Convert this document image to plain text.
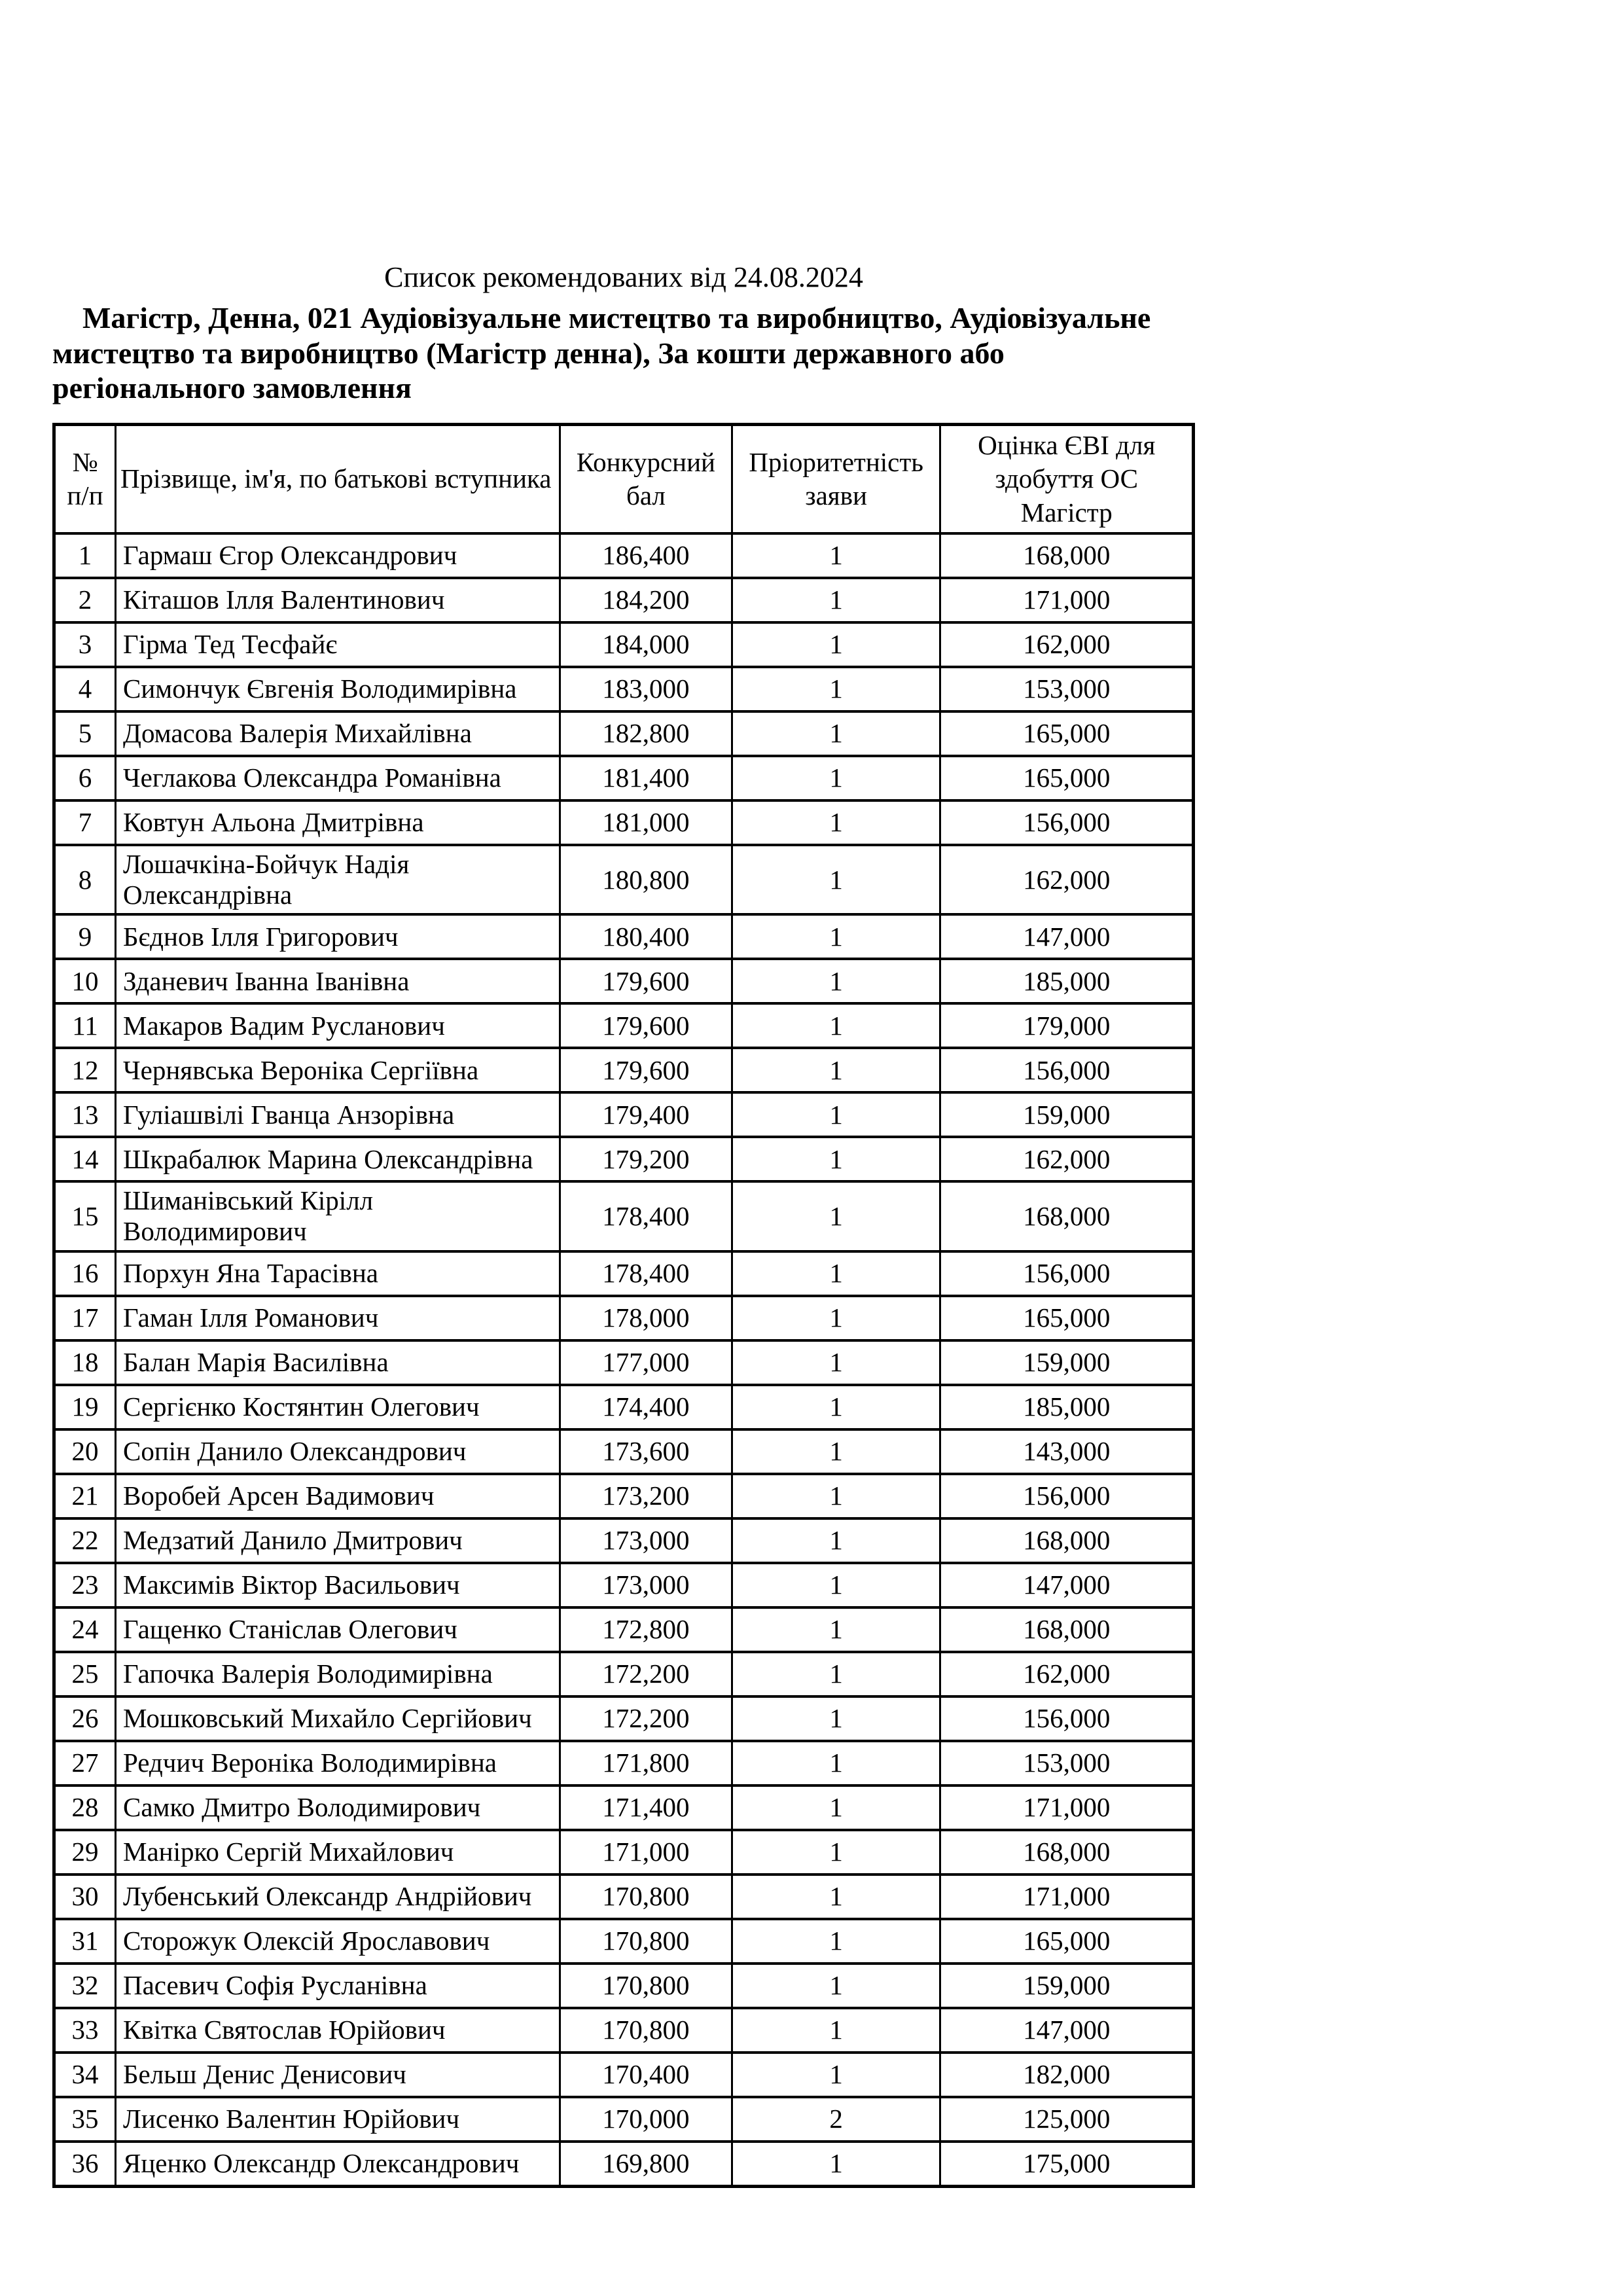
Список рекомендованих від 24.08.2024

Магістр, Денна, 021 Аудіовізуальне мистецтво та виробництво, Аудіовізуальне мистецтво та виробництво (Магістр денна), За кошти державного або регіонального замовлення

№ п/п	Прізвище, ім'я, по батькові вступника	Конкурсний бал	Пріоритетність заяви	Оцінка ЄВІ для здобуття ОС Магістр
1	Гармаш Єгор Олександрович	186,400	1	168,000
2	Кіташов Ілля Валентинович	184,200	1	171,000
3	Гірма Тед Тесфайє	184,000	1	162,000
4	Симончук Євгенія Володимирівна	183,000	1	153,000
5	Домасова Валерія Михайлівна	182,800	1	165,000
6	Чеглакова Олександра Романівна	181,400	1	165,000
7	Ковтун Альона Дмитрівна	181,000	1	156,000
8	Лошачкіна-Бойчук Надія Олександрівна	180,800	1	162,000
9	Бєднов Ілля Григорович	180,400	1	147,000
10	Зданевич Іванна Іванівна	179,600	1	185,000
11	Макаров Вадим Русланович	179,600	1	179,000
12	Чернявська Вероніка Сергіївна	179,600	1	156,000
13	Гуліашвілі Гванца Анзорівна	179,400	1	159,000
14	Шкрабалюк Марина Олександрівна	179,200	1	162,000
15	Шиманівський Кірілл Володимирович	178,400	1	168,000
16	Порхун Яна Тарасівна	178,400	1	156,000
17	Гаман Ілля Романович	178,000	1	165,000
18	Балан Марія Василівна	177,000	1	159,000
19	Сергієнко Костянтин Олегович	174,400	1	185,000
20	Сопін Данило Олександрович	173,600	1	143,000
21	Воробей Арсен Вадимович	173,200	1	156,000
22	Медзатий Данило Дмитрович	173,000	1	168,000
23	Максимів Віктор Васильович	173,000	1	147,000
24	Гащенко Станіслав Олегович	172,800	1	168,000
25	Гапочка Валерія Володимирівна	172,200	1	162,000
26	Мошковський Михайло Сергійович	172,200	1	156,000
27	Редчич Вероніка Володимирівна	171,800	1	153,000
28	Самко Дмитро Володимирович	171,400	1	171,000
29	Манірко Сергій Михайлович	171,000	1	168,000
30	Лубенський Олександр Андрійович	170,800	1	171,000
31	Сторожук Олексій Ярославович	170,800	1	165,000
32	Пасевич Софія Русланівна	170,800	1	159,000
33	Квітка Святослав Юрійович	170,800	1	147,000
34	Бельш Денис Денисович	170,400	1	182,000
35	Лисенко Валентин Юрійович	170,000	2	125,000
36	Яценко Олександр Олександрович	169,800	1	175,000
